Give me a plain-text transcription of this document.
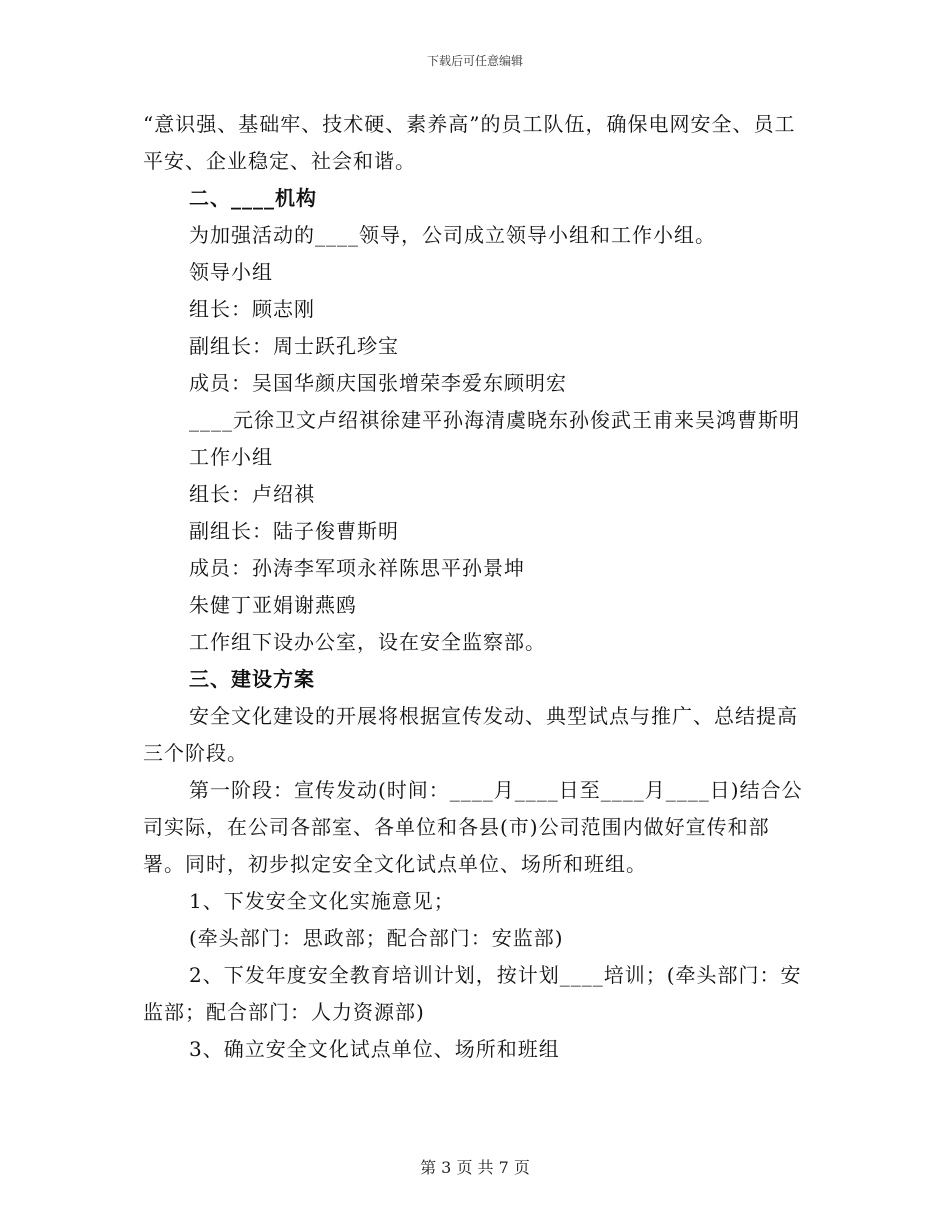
下载后可任意编辑

“意识强、基础牢、技术硬、素养高”的员工队伍，确保电网安全、员工平安、企业稳定、社会和谐。

二、____机构

为加强活动的____领导，公司成立领导小组和工作小组。

领导小组

组长：顾志刚

副组长：周士跃孔珍宝

成员：吴国华颜庆国张增荣李爱东顾明宏

____元徐卫文卢绍祺徐建平孙海清虞晓东孙俊武王甫来吴鸿曹斯明

工作小组

组长：卢绍祺

副组长：陆子俊曹斯明

成员：孙涛李军项永祥陈思平孙景坤

朱健丁亚娟谢燕鸥

工作组下设办公室，设在安全监察部。

三、建设方案

安全文化建设的开展将根据宣传发动、典型试点与推广、总结提高三个阶段。

第一阶段：宣传发动(时间：____月____日至____月____日)结合公司实际，在公司各部室、各单位和各县(市)公司范围内做好宣传和部署。同时，初步拟定安全文化试点单位、场所和班组。

1、下发安全文化实施意见；

(牵头部门：思政部；配合部门：安监部)

2、下发年度安全教育培训计划，按计划____培训；(牵头部门：安监部；配合部门：人力资源部)

3、确立安全文化试点单位、场所和班组

第 3 页 共 7 页
